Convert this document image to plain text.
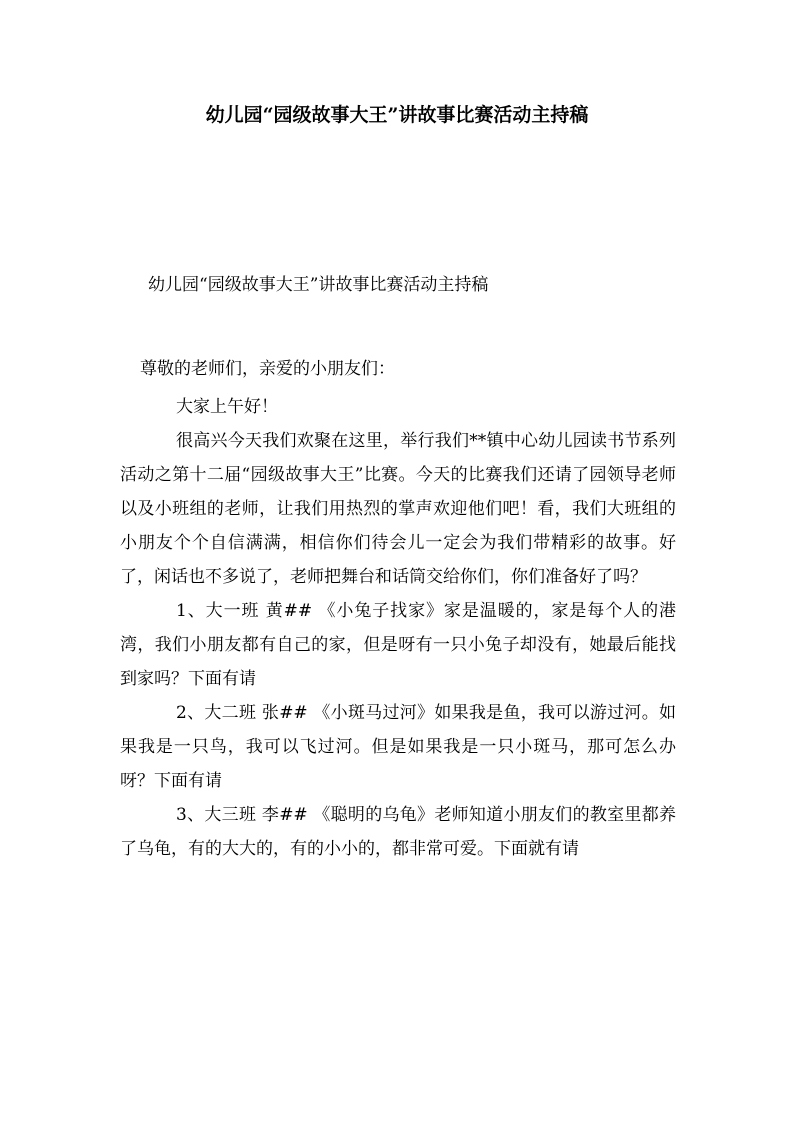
幼儿园“园级故事大王”讲故事比赛活动主持稿
幼儿园“园级故事大王”讲故事比赛活动主持稿
尊敬的老师们，亲爱的小朋友们：

大家上午好！

很高兴今天我们欢聚在这里，举行我们**镇中心幼儿园读书节系列活动之第十二届“园级故事大王”比赛。今天的比赛我们还请了园领导老师以及小班组的老师，让我们用热烈的掌声欢迎他们吧！看，我们大班组的小朋友个个自信满满，相信你们待会儿一定会为我们带精彩的故事。好了，闲话也不多说了，老师把舞台和话筒交给你们，你们准备好了吗？

1、大一班 黄## 《小兔子找家》家是温暖的，家是每个人的港湾，我们小朋友都有自己的家，但是呀有一只小兔子却没有，她最后能找到家吗？下面有请

2、大二班 张## 《小斑马过河》如果我是鱼，我可以游过河。如果我是一只鸟，我可以飞过河。但是如果我是一只小斑马，那可怎么办呀？下面有请

3、大三班 李## 《聪明的乌龟》老师知道小朋友们的教室里都养了乌龟，有的大大的，有的小小的，都非常可爱。下面就有请
